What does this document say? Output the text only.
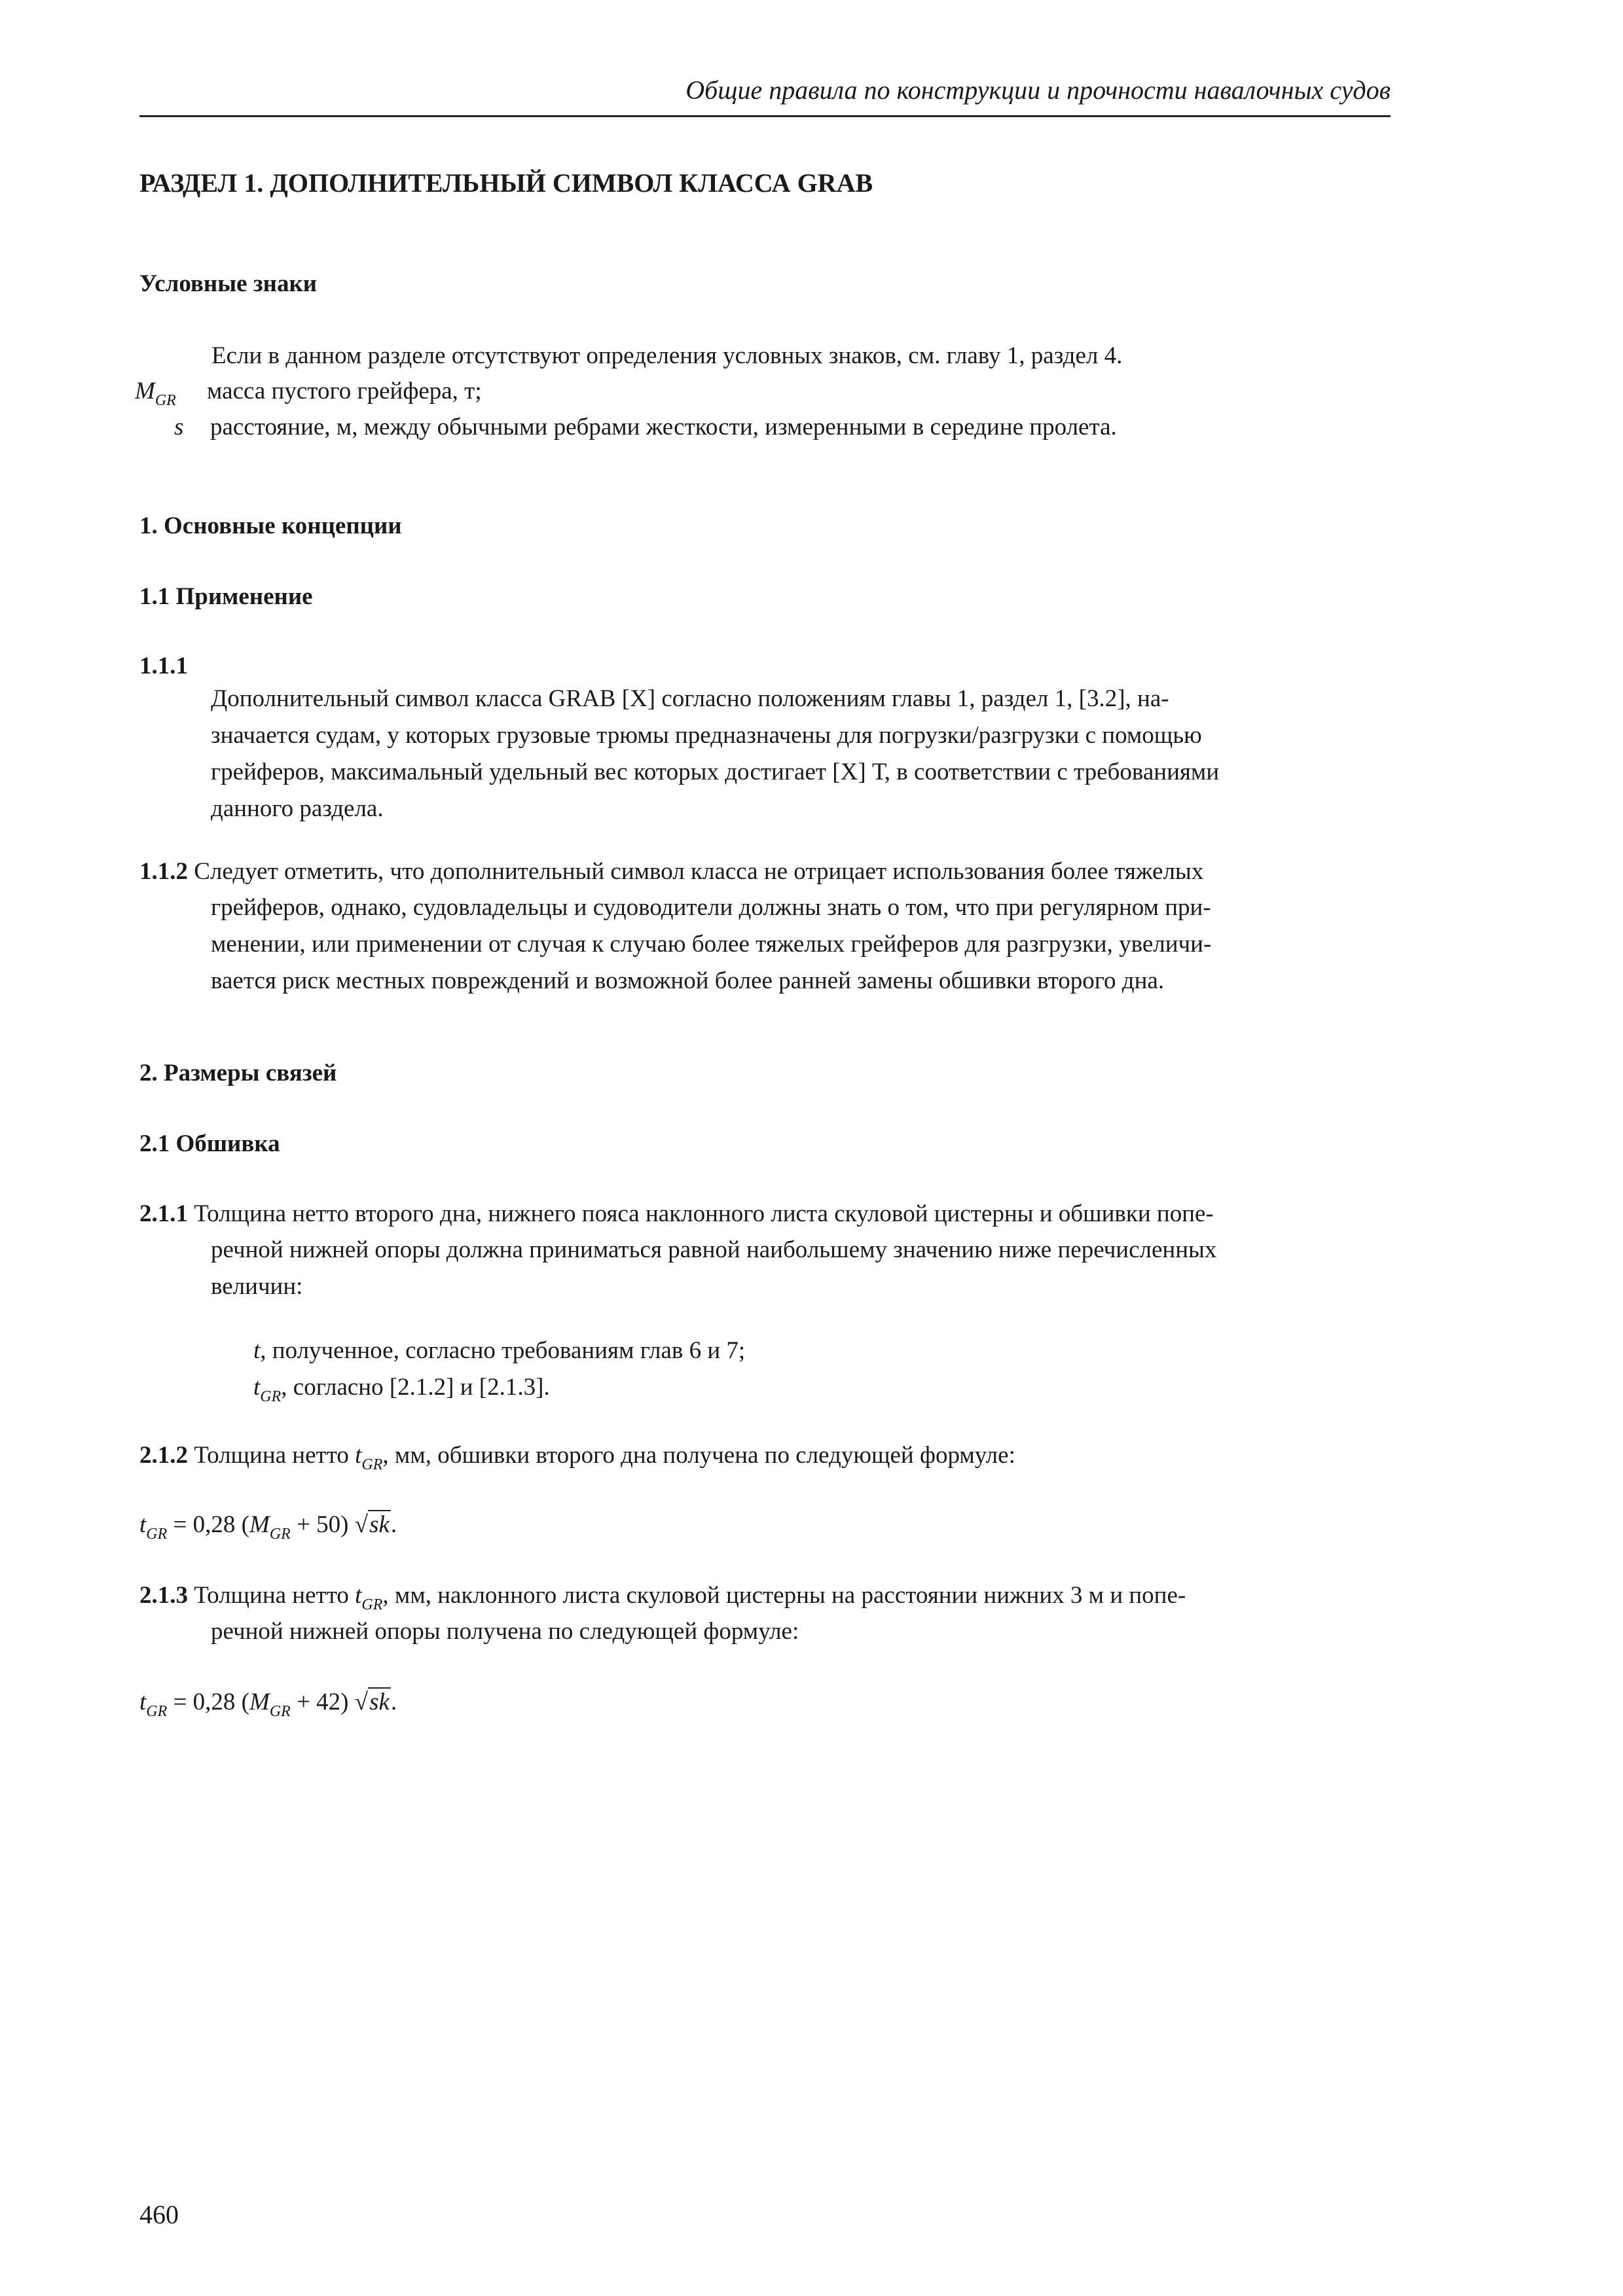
Общие правила по конструкции и прочности навалочных судов
РАЗДЕЛ 1. ДОПОЛНИТЕЛЬНЫЙ СИМВОЛ КЛАССА GRAB
Условные знаки
Если в данном разделе отсутствуют определения условных знаков, см. главу 1, раздел 4.
$M_{GR}$ масса пустого грейфера, т;
s расстояние, м, между обычными ребрами жесткости, измеренными в середине пролета.
1. Основные концепции
1.1 Применение
1.1.1
Дополнительный символ класса GRAB [X] согласно положениям главы 1, раздел 1, [3.2], на-
значается судам, у которых грузовые трюмы предназначены для погрузки/разгрузки с помощью
грейферов, максимальный удельный вес которых достигает [X] Т, в соответствии с требованиями
данного раздела.
1.1.2 Следует отметить, что дополнительный символ класса не отрицает использования более тяжелых
грейферов, однако, судовладельцы и судоводители должны знать о том, что при регулярном при-
менении, или применении от случая к случаю более тяжелых грейферов для разгрузки, увеличи-
вается риск местных повреждений и возможной более ранней замены обшивки второго дна.
2. Размеры связей
2.1 Обшивка
2.1.1 Толщина нетто второго дна, нижнего пояса наклонного листа скуловой цистерны и обшивки попе-
речной нижней опоры должна приниматься равной наибольшему значению ниже перечисленных
величин:
t, полученное, согласно требованиям глав 6 и 7;
$t_{GR}$, согласно [2.1.2] и [2.1.3].
2.1.2 Толщина нетто $t_{GR}$, мм, обшивки второго дна получена по следующей формуле:
$t_{GR} = 0,28$ $(M_{GR} + 50)$ √sk.
2.1.3 Толщина нетто $t_{GR}$, мм, наклонного листа скуловой цистерны на расстоянии нижних 3 м и попе-
речной нижней опоры получена по следующей формуле:
$t_{GR} = 0,28$ $(M_{GR} + 42)$ √sk.
460
